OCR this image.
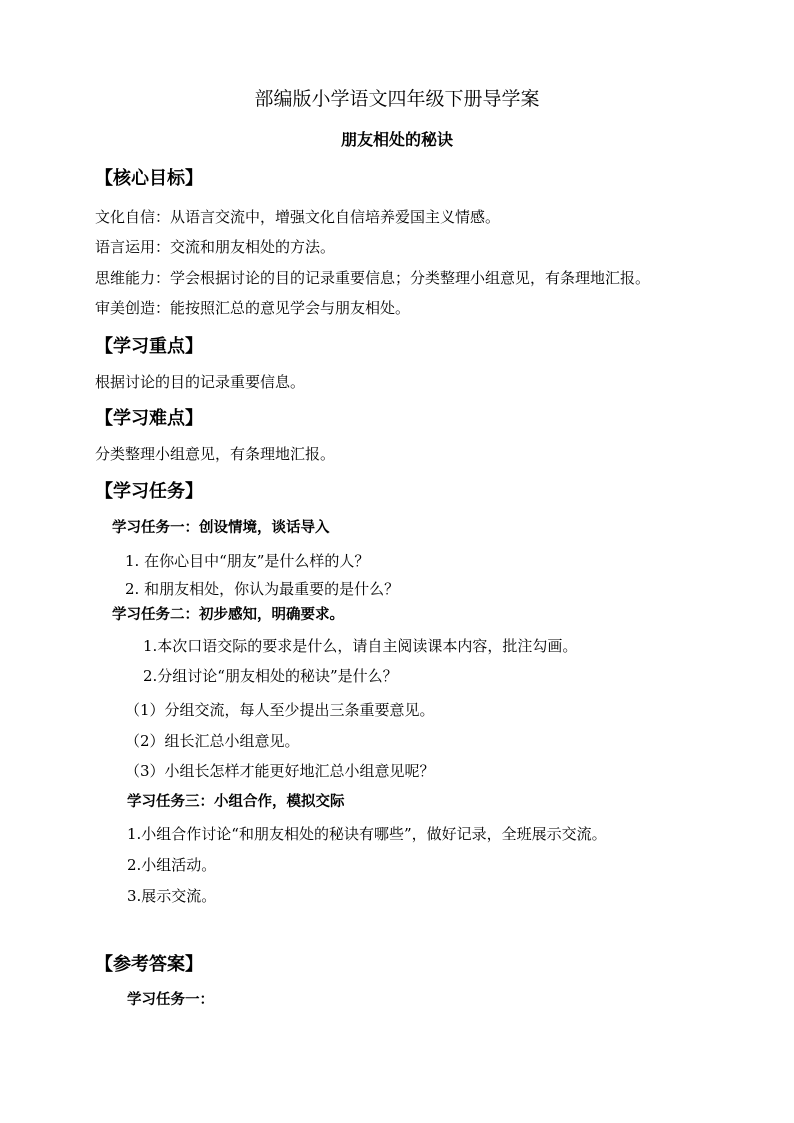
部编版小学语文四年级下册导学案
朋友相处的秘诀
【核心目标】
文化自信：从语言交流中，增强文化自信培养爱国主义情感。
语言运用：交流和朋友相处的方法。
思维能力：学会根据讨论的目的记录重要信息；分类整理小组意见，有条理地汇报。
审美创造：能按照汇总的意见学会与朋友相处。
【学习重点】
根据讨论的目的记录重要信息。
【学习难点】
分类整理小组意见，有条理地汇报。
【学习任务】
学习任务一：创设情境，谈话导入
1. 在你心目中“朋友”是什么样的人？
2. 和朋友相处，你认为最重要的是什么？
学习任务二：初步感知，明确要求。
1.本次口语交际的要求是什么，请自主阅读课本内容，批注勾画。
2.分组讨论“朋友相处的秘诀”是什么？
（1）分组交流，每人至少提出三条重要意见。
（2）组长汇总小组意见。
（3）小组长怎样才能更好地汇总小组意见呢？
学习任务三：小组合作，模拟交际
1.小组合作讨论“和朋友相处的秘诀有哪些”，做好记录，全班展示交流。
2.小组活动。
3.展示交流。
【参考答案】
学习任务一：
